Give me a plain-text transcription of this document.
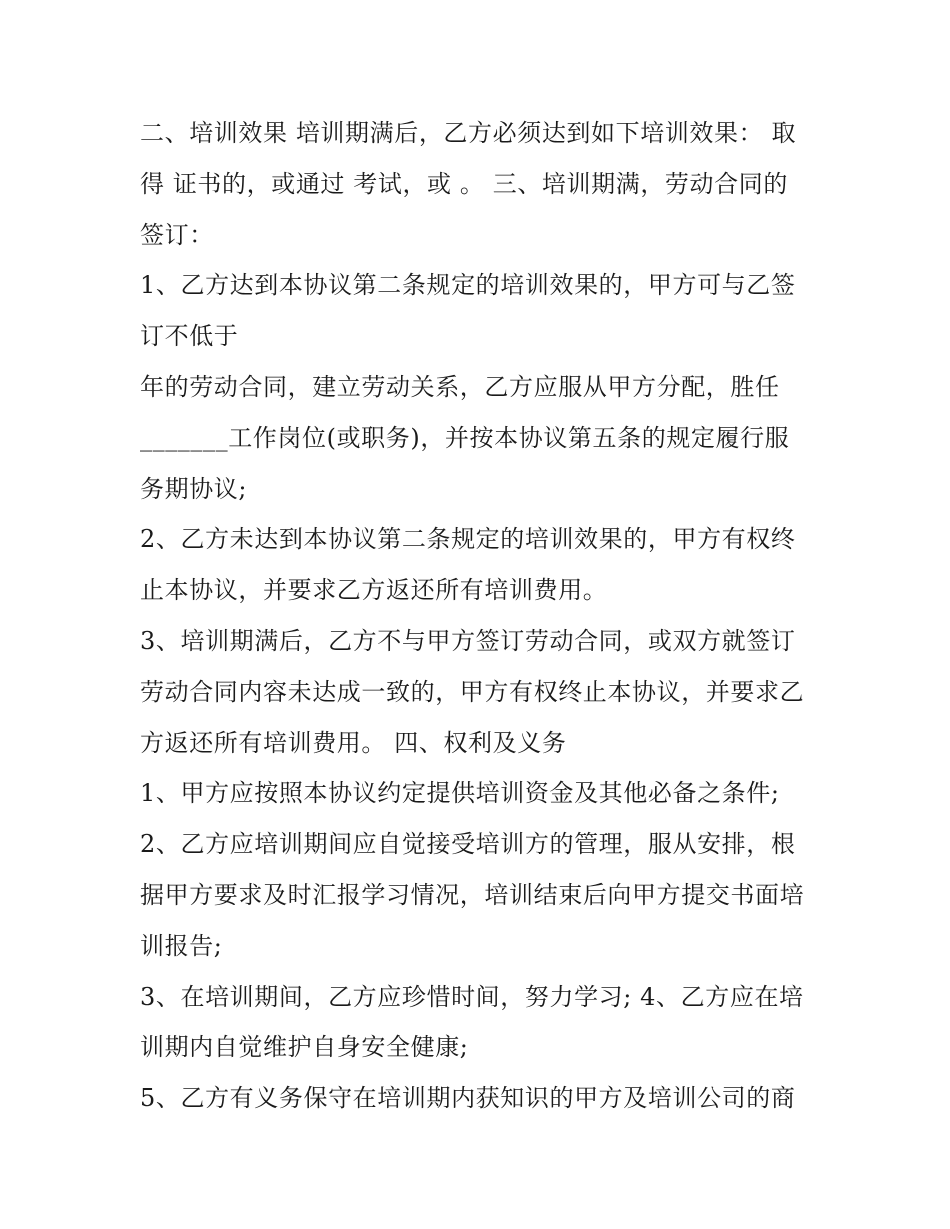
二、培训效果 培训期满后，乙方必须达到如下培训效果： 取
得 证书的，或通过 考试，或 。 三、培训期满，劳动合同的
签订：
1、乙方达到本协议第二条规定的培训效果的，甲方可与乙签
订不低于
年的劳动合同，建立劳动关系，乙方应服从甲方分配，胜任
_______工作岗位(或职务)，并按本协议第五条的规定履行服
务期协议;
2、乙方未达到本协议第二条规定的培训效果的，甲方有权终
止本协议，并要求乙方返还所有培训费用。
3、培训期满后，乙方不与甲方签订劳动合同，或双方就签订
劳动合同内容未达成一致的，甲方有权终止本协议，并要求乙
方返还所有培训费用。 四、权利及义务
1、甲方应按照本协议约定提供培训资金及其他必备之条件;
2、乙方应培训期间应自觉接受培训方的管理，服从安排，根
据甲方要求及时汇报学习情况，培训结束后向甲方提交书面培
训报告;
3、在培训期间，乙方应珍惜时间，努力学习; 4、乙方应在培
训期内自觉维护自身安全健康;
5、乙方有义务保守在培训期内获知识的甲方及培训公司的商
